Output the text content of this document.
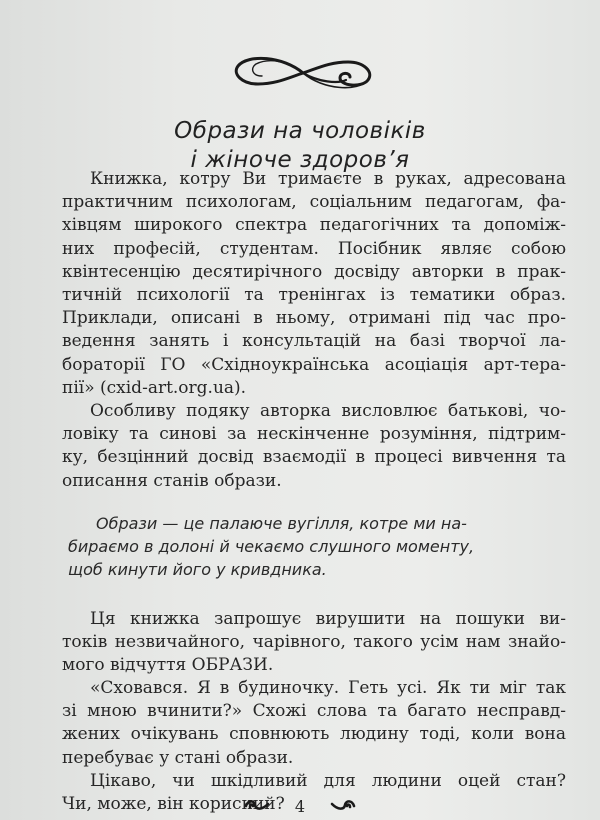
Образи на чоловіків
і жіноче здоров’я
Книжка, котру Ви тримаєте в руках, адресована
практичним психологам, соціальним педагогам, фа-
хівцям широкого спектра педагогічних та допоміж-
них професій, студентам. Посібник являє собою
квінтесенцію десятирічного досвіду авторки в прак-
тичній психології та тренінгах із тематики образ.
Приклади, описані в ньому, отримані під час про-
ведення занять і консультацій на базі творчої ла-
бораторії ГО «Східноукраїнська асоціація арт-тера-
пії» (cxid-art.org.ua).
Особливу подяку авторка висловлює батькові, чо-
ловіку та синові за нескінченне розуміння, підтрим-
ку, безцінний досвід взаємодії в процесі вивчення та
описання станів образи.
Образи — це палаюче вугілля, котре ми на-
бираємо в долоні й чекаємо слушного моменту,
щоб кинути його у кривдника.
Ця книжка запрошує вирушити на пошуки ви-
токів незвичайного, чарівного, такого усім нам знайо-
мого відчуття ОБРАЗИ.
«Сховався. Я в будиночку. Геть усі. Як ти міг так
зі мною вчинити?» Схожі слова та багато несправд-
жених очікувань сповнюють людину тоді, коли вона
перебуває у стані образи.
Цікаво, чи шкідливий для людини оцей стан?
Чи, може, він корисний? 4
